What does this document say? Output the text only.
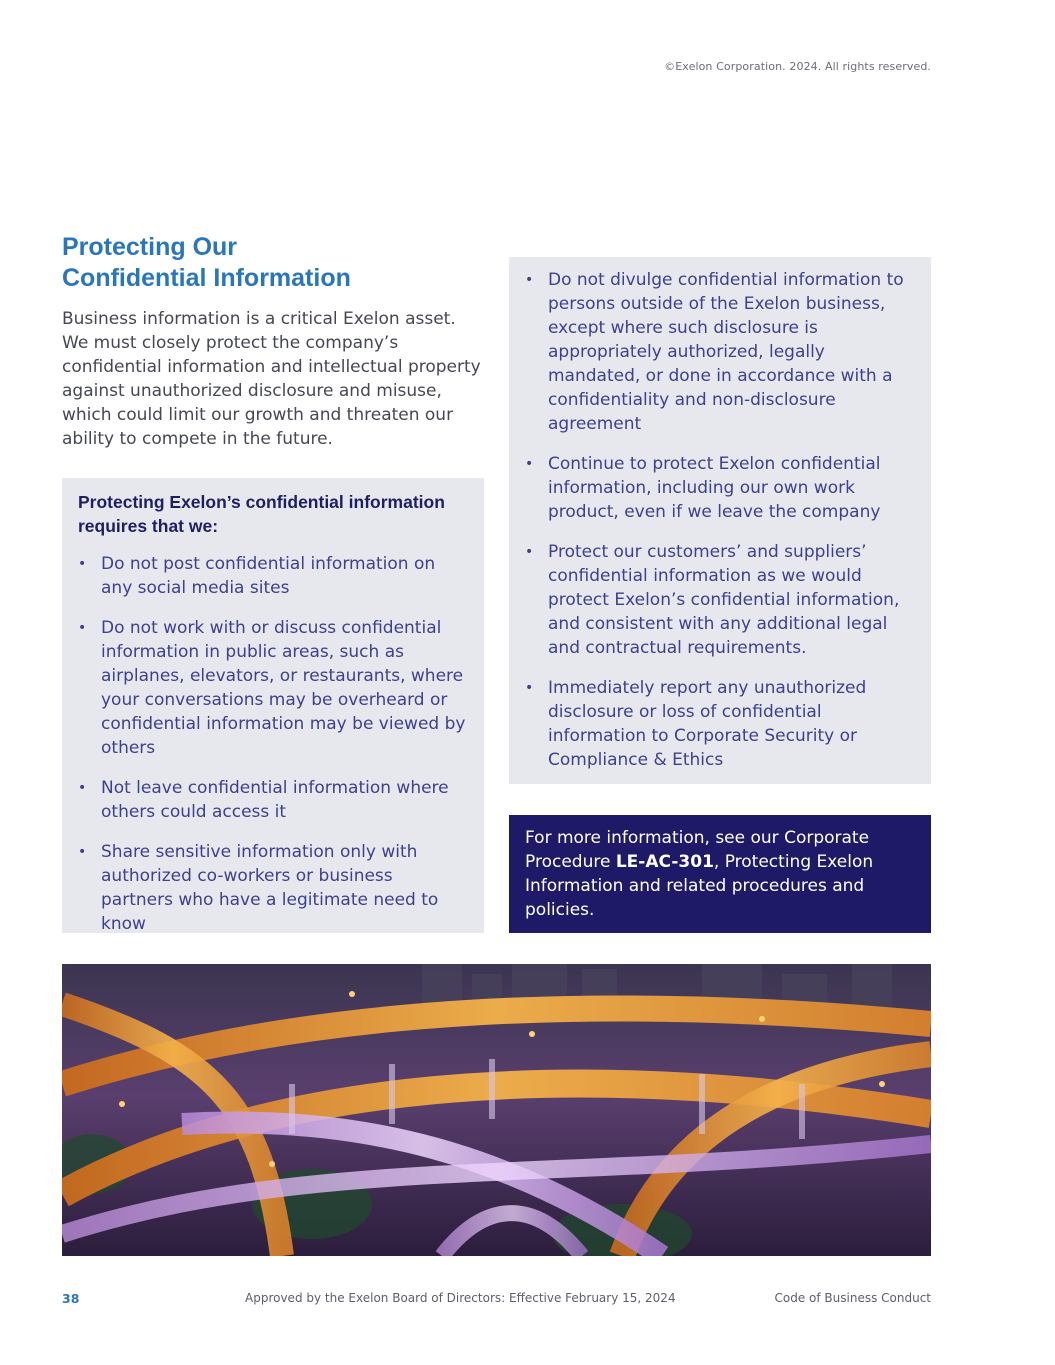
©Exelon Corporation. 2024. All rights reserved.
Protecting Our
Confidential Information

Business information is a critical Exelon asset. We must closely protect the company’s confidential information and intellectual property against unauthorized disclosure and misuse, which could limit our growth and threaten our ability to compete in the future.

Protecting Exelon’s confidential information requires that we:

• Do not post confidential information on any social media sites
• Do not work with or discuss confidential information in public areas, such as airplanes, elevators, or restaurants, where your conversations may be overheard or confidential information may be viewed by others
• Not leave confidential information where others could access it
• Share sensitive information only with authorized co-workers or business partners who have a legitimate need to know
• Do not divulge confidential information to persons outside of the Exelon business, except where such disclosure is appropriately authorized, legally mandated, or done in accordance with a confidentiality and non-disclosure agreement
• Continue to protect Exelon confidential information, including our own work product, even if we leave the company
• Protect our customers’ and suppliers’ confidential information as we would protect Exelon’s confidential information, and consistent with any additional legal and contractual requirements.
• Immediately report any unauthorized disclosure or loss of confidential information to Corporate Security or Compliance & Ethics
For more information, see our Corporate Procedure LE-AC-301, Protecting Exelon Information and related procedures and policies.
38	Approved by the Exelon Board of Directors: Effective February 15, 2024	Code of Business Conduct
